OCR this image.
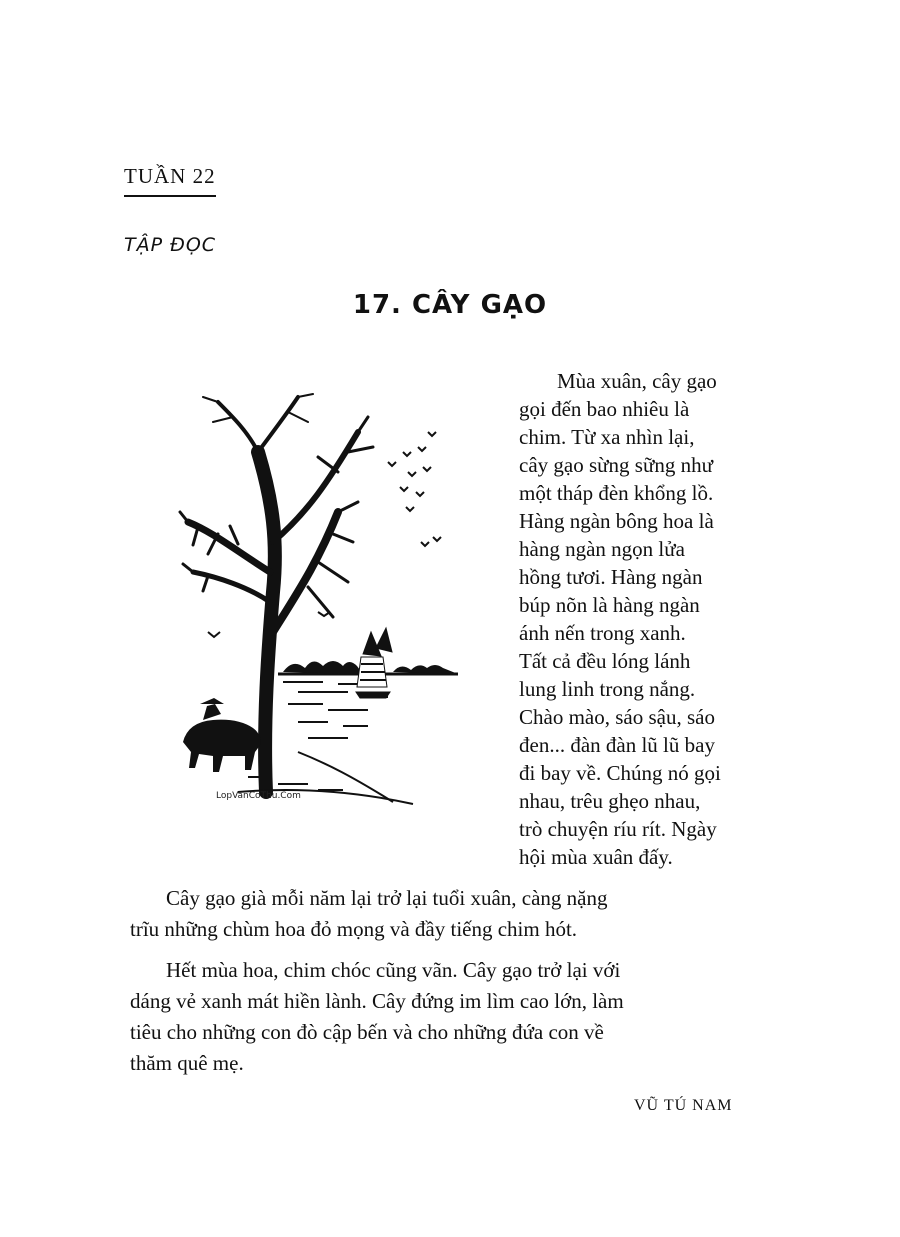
TUẦN 22
TẬP ĐỌC
17. CÂY GẠO
LopVanCoThu.Com
Mùa xuân, cây gạo
gọi đến bao nhiêu là
chim. Từ xa nhìn lại,
cây gạo sừng sững như
một tháp đèn khổng lồ.
Hàng ngàn bông hoa là
hàng ngàn ngọn lửa
hồng tươi. Hàng ngàn
búp nõn là hàng ngàn
ánh nến trong xanh.
Tất cả đều lóng lánh
lung linh trong nắng.
Chào mào, sáo sậu, sáo
đen... đàn đàn lũ lũ bay
đi bay về. Chúng nó gọi
nhau, trêu ghẹo nhau,
trò chuyện ríu rít. Ngày
hội mùa xuân đấy.
Cây gạo già mỗi năm lại trở lại tuổi xuân, càng nặng
trĩu những chùm hoa đỏ mọng và đầy tiếng chim hót.
Hết mùa hoa, chim chóc cũng vãn. Cây gạo trở lại với
dáng vẻ xanh mát hiền lành. Cây đứng im lìm cao lớn, làm
tiêu cho những con đò cập bến và cho những đứa con về
thăm quê mẹ.
VŨ TÚ NAM
